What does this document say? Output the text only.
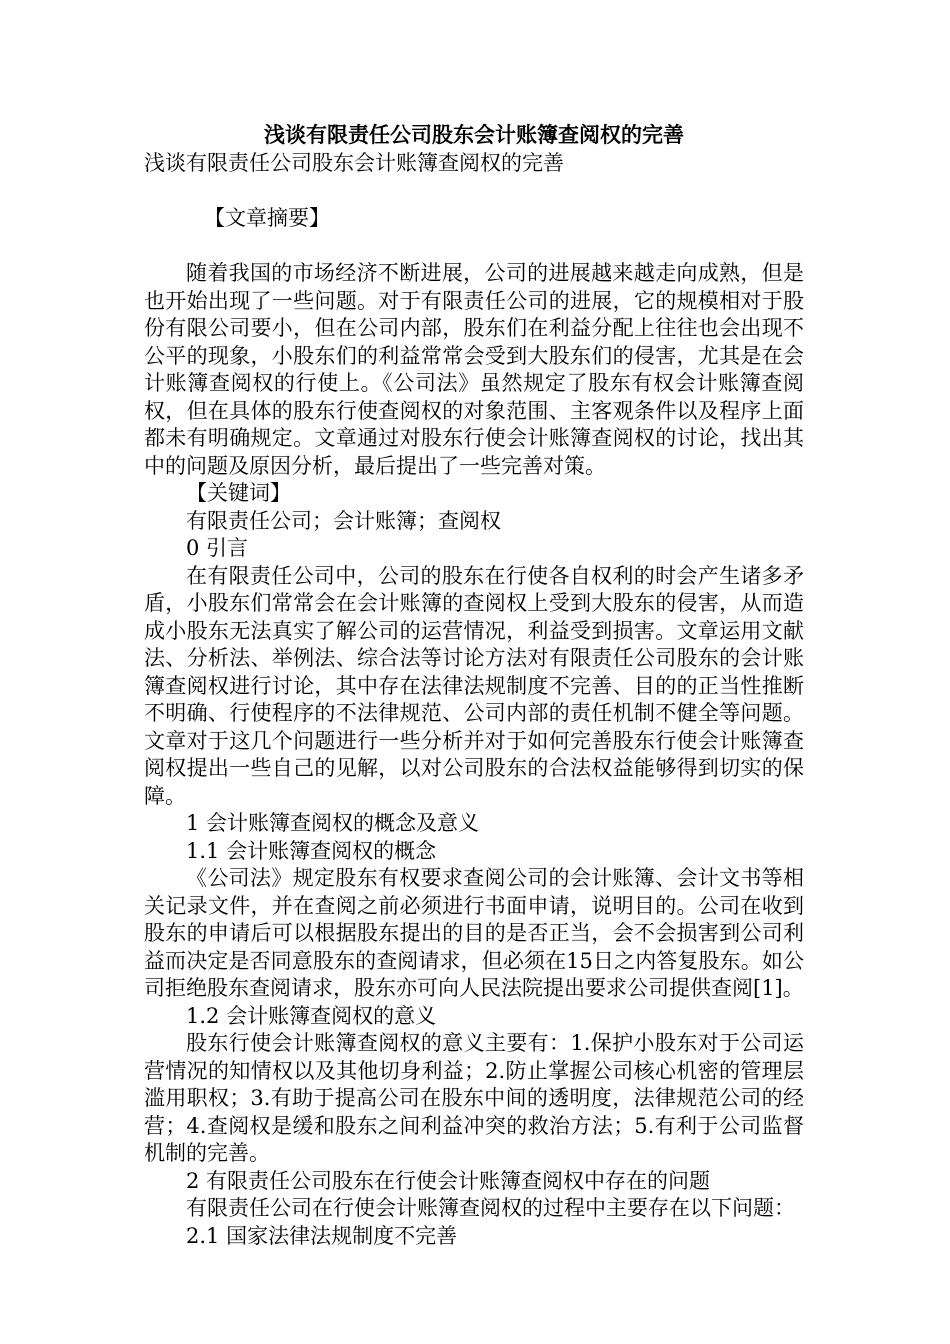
浅谈有限责任公司股东会计账簿查阅权的完善

浅谈有限责任公司股东会计账簿查阅权的完善

【文章摘要】

随着我国的市场经济不断进展，公司的进展越来越走向成熟，但是也开始出现了一些问题。对于有限责任公司的进展，它的规模相对于股份有限公司要小，但在公司内部，股东们在利益分配上往往也会出现不公平的现象，小股东们的利益常常会受到大股东们的侵害，尤其是在会计账簿查阅权的行使上。《公司法》虽然规定了股东有权会计账簿查阅权，但在具体的股东行使查阅权的对象范围、主客观条件以及程序上面都未有明确规定。文章通过对股东行使会计账簿查阅权的讨论，找出其中的问题及原因分析，最后提出了一些完善对策。

【关键词】

有限责任公司；会计账簿；查阅权

0 引言

在有限责任公司中，公司的股东在行使各自权利的时会产生诸多矛盾，小股东们常常会在会计账簿的查阅权上受到大股东的侵害，从而造成小股东无法真实了解公司的运营情况，利益受到损害。文章运用文献法、分析法、举例法、综合法等讨论方法对有限责任公司股东的会计账簿查阅权进行讨论，其中存在法律法规制度不完善、目的的正当性推断不明确、行使程序的不法律规范、公司内部的责任机制不健全等问题。文章对于这几个问题进行一些分析并对于如何完善股东行使会计账簿查阅权提出一些自己的见解，以对公司股东的合法权益能够得到切实的保障。

1 会计账簿查阅权的概念及意义

1.1 会计账簿查阅权的概念

《公司法》规定股东有权要求查阅公司的会计账簿、会计文书等相关记录文件，并在查阅之前必须进行书面申请，说明目的。公司在收到股东的申请后可以根据股东提出的目的是否正当，会不会损害到公司利益而决定是否同意股东的查阅请求，但必须在15日之内答复股东。如公司拒绝股东查阅请求，股东亦可向人民法院提出要求公司提供查阅[1]。

1.2 会计账簿查阅权的意义

股东行使会计账簿查阅权的意义主要有：1.保护小股东对于公司运营情况的知情权以及其他切身利益；2.防止掌握公司核心机密的管理层滥用职权；3.有助于提高公司在股东中间的透明度，法律规范公司的经营；4.查阅权是缓和股东之间利益冲突的救治方法；5.有利于公司监督机制的完善。

2 有限责任公司股东在行使会计账簿查阅权中存在的问题

有限责任公司在行使会计账簿查阅权的过程中主要存在以下问题：

2.1 国家法律法规制度不完善
